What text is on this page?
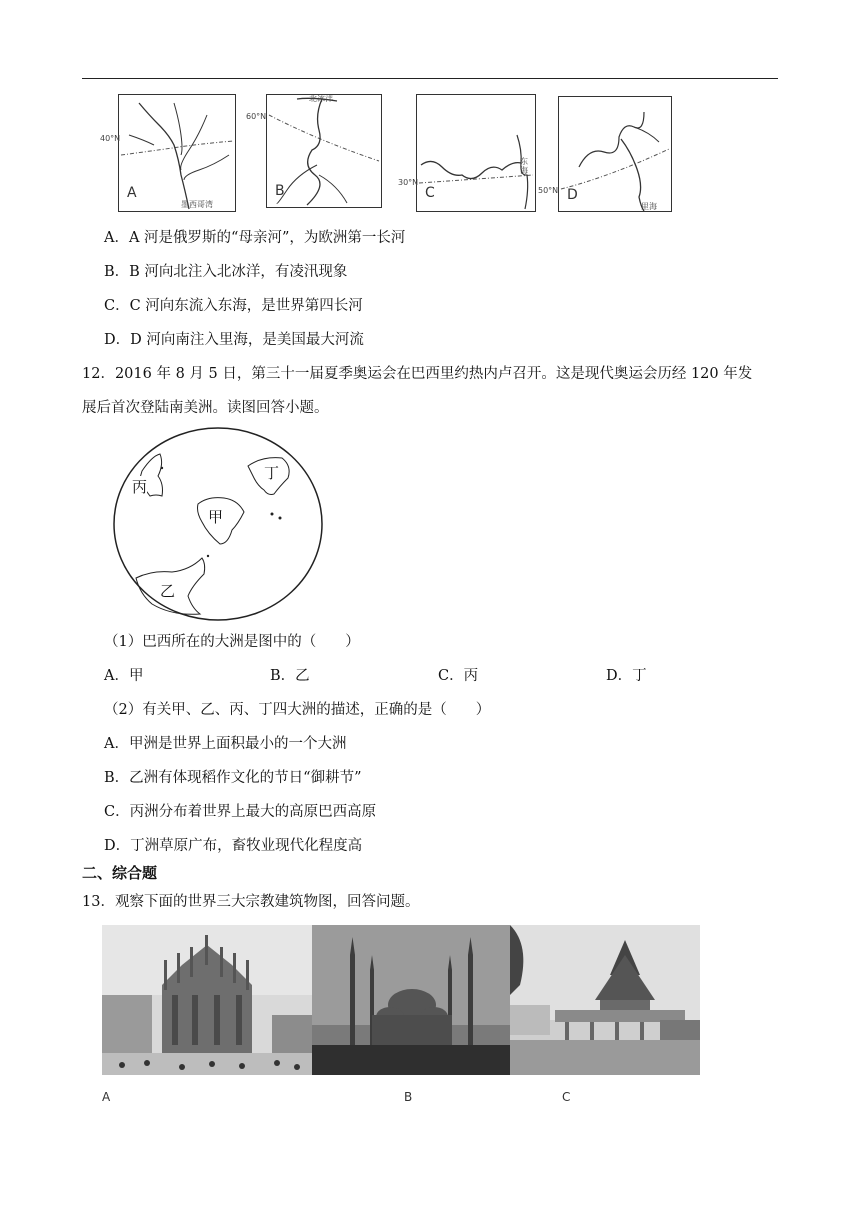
A
墨西哥湾
40°N
B
北冰洋
60°N
C
东海
30°N
D
里海
50°N
A．A 河是俄罗斯的“母亲河”，为欧洲第一长河
B．B 河向北注入北冰洋，有凌汛现象
C．C 河向东流入东海，是世界第四长河
D．D 河向南注入里海，是美国最大河流
12．2016 年 8 月 5 日，第三十一届夏季奥运会在巴西里约热内卢召开。这是现代奥运会历经 120 年发
展后首次登陆南美洲。读图回答小题。
丙
丁
甲
乙
（1）巴西所在的大洲是图中的（　　）
A．甲	B．乙	C．丙	D．丁
（2）有关甲、乙、丙、丁四大洲的描述，正确的是（　　）
A．甲洲是世界上面积最小的一个大洲
B．乙洲有体现稻作文化的节日“御耕节”
C．丙洲分布着世界上最大的高原巴西高原
D．丁洲草原广布，畜牧业现代化程度高
二、综合题
13．观察下面的世界三大宗教建筑物图，回答问题。
A	B	C
